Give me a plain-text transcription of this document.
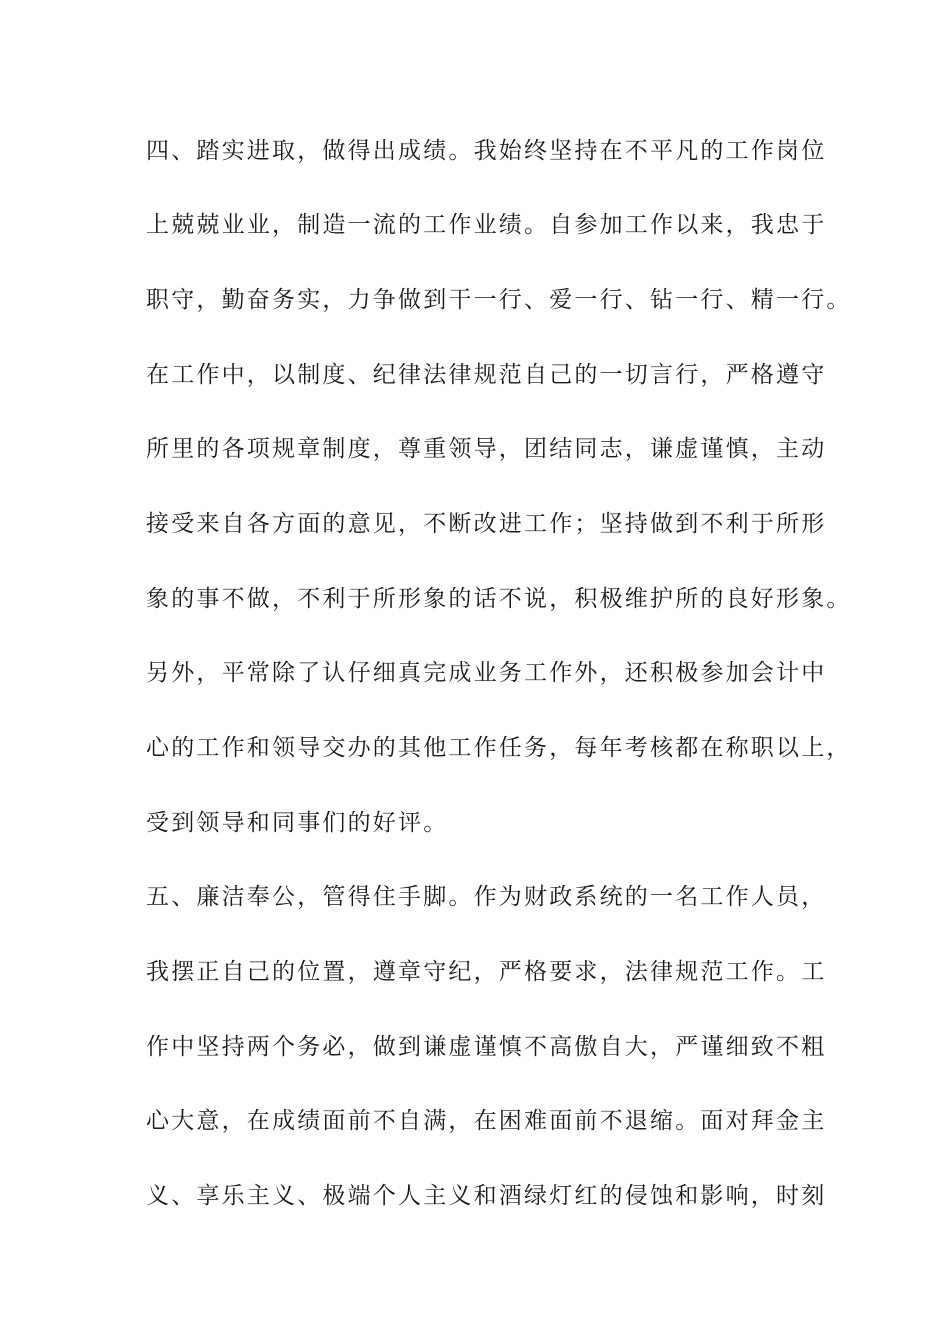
四、踏实进取，做得出成绩。我始终坚持在不平凡的工作岗位
上兢兢业业，制造一流的工作业绩。自参加工作以来，我忠于
职守，勤奋务实，力争做到干一行、爱一行、钻一行、精一行。
在工作中，以制度、纪律法律规范自己的一切言行，严格遵守
所里的各项规章制度，尊重领导，团结同志，谦虚谨慎，主动
接受来自各方面的意见，不断改进工作；坚持做到不利于所形
象的事不做，不利于所形象的话不说，积极维护所的良好形象。
另外，平常除了认仔细真完成业务工作外，还积极参加会计中
心的工作和领导交办的其他工作任务，每年考核都在称职以上，
受到领导和同事们的好评。
五、廉洁奉公，管得住手脚。作为财政系统的一名工作人员，
我摆正自己的位置，遵章守纪，严格要求，法律规范工作。工
作中坚持两个务必，做到谦虚谨慎不高傲自大，严谨细致不粗
心大意，在成绩面前不自满，在困难面前不退缩。面对拜金主
义、享乐主义、极端个人主义和酒绿灯红的侵蚀和影响，时刻
